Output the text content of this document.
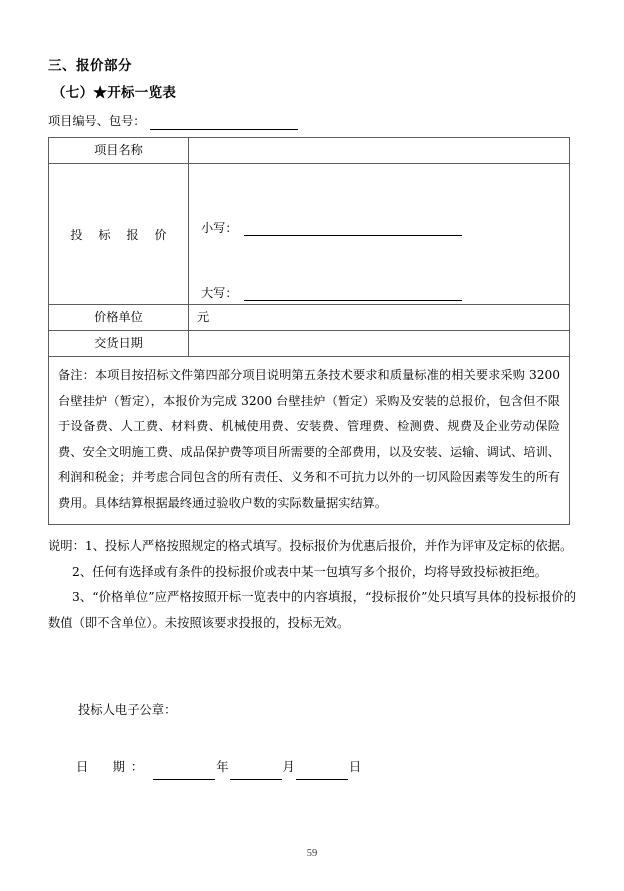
三、报价部分
（七）★开标一览表
项目编号、包号：
项目名称	
投 标 报 价	小写：
大写：

价格单位	元
交货日期	
备注：本项目按招标文件第四部分项目说明第五条技术要求和质量标准的相关要求采购 3200 台壁挂炉（暂定），本报价为完成 3200 台壁挂炉（暂定）采购及安装的总报价，包含但不限于设备费、人工费、材料费、机械使用费、安装费、管理费、检测费、规费及企业劳动保险费、安全文明施工费、成品保护费等项目所需要的全部费用，以及安装、运输、调试、培训、利润和税金；并考虑合同包含的所有责任、义务和不可抗力以外的一切风险因素等发生的所有费用。具体结算根据最终通过验收户数的实际数量据实结算。	

说明：1、投标人严格按照规定的格式填写。投标报价为优惠后报价，并作为评审及定标的依据。

2、任何有选择或有条件的投标报价或表中某一包填写多个报价，均将导致投标被拒绝。

3、“价格单位”应严格按照开标一览表中的内容填报，“投标报价”处只填写具体的投标报价的数值（即不含单位）。未按照该要求投报的，投标无效。

投标人电子公章：
日　期：	年	月	日
59
